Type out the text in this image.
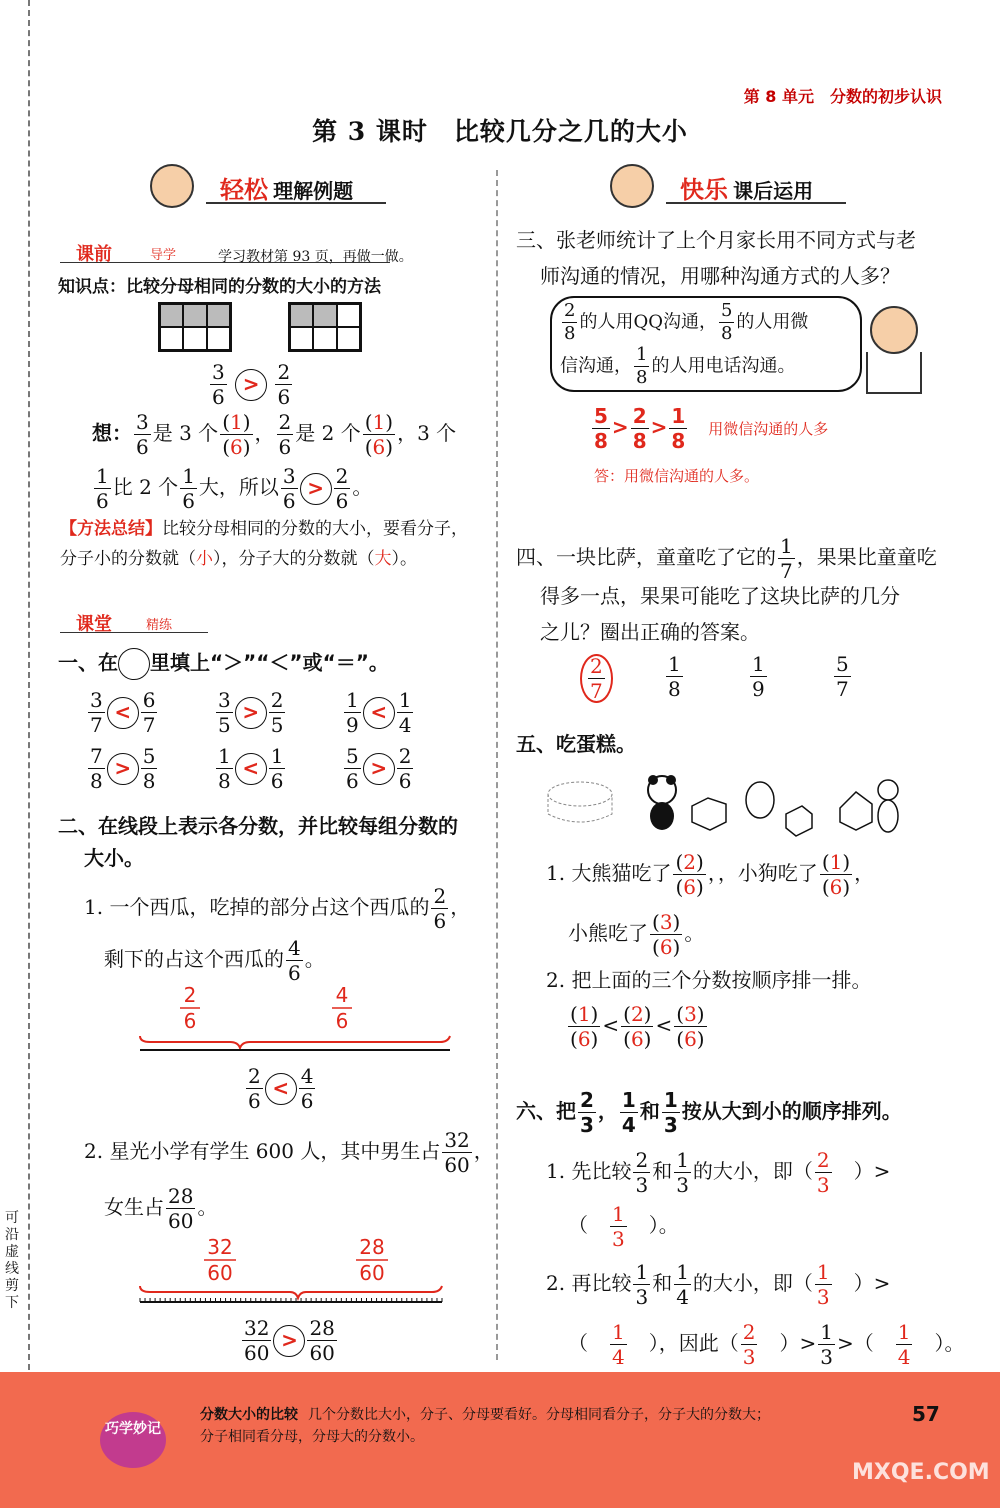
可沿虚线剪下
第 8 单元　分数的初步认识
第 3 课时　比较几分之几的大小
轻松 理解例题	快乐 课后运用
课前	导学	学习教材第 93 页，再做一做。
知识点：比较分母相同的分数的大小的方法
$\frac{3}{6} > \frac{2}{6}$
想： $\frac{3}{6}$ 是 3 个 $\frac{(1)}{(6)}$ ， $\frac{2}{6}$ 是 2 个 $\frac{(1)}{(6)}$ ，3 个
$\frac{1}{6}$ 比 2 个 $\frac{1}{6}$ 大，所以 $\frac{3}{6} > \frac{2}{6}$ 。
【方法总结】比较分母相同的分数的大小，要看分子，分子小的分数就（小），分子大的分数就（大）。
课堂	精练
一、在 里填上“＞”“＜”或“＝”。
$\frac{3}{7} < \frac{6}{7}$	$\frac{3}{5} > \frac{2}{5}$	$\frac{1}{9} < \frac{1}{4}$
$\frac{7}{8} > \frac{5}{8}$	$\frac{1}{8} < \frac{1}{6}$	$\frac{5}{6} > \frac{2}{6}$
二、在线段上表示各分数，并比较每组分数的
大小。
1. 一个西瓜，吃掉的部分占这个西瓜的 $\frac{2}{6}$ ，
剩下的占这个西瓜的 $\frac{4}{6}$ 。
2
6
4
6
$\frac{2}{6} < \frac{4}{6}$
2. 星光小学有学生 600 人，其中男生占 $\frac{32}{60}$ ，
女生占 $\frac{28}{60}$ 。
32
60
28
60
$\frac{32}{60} > \frac{28}{60}$
三、张老师统计了上个月家长用不同方式与老
师沟通的情况，用哪种沟通方式的人多？
$\frac{2}{8}$ 的人用QQ沟通， $\frac{5}{8}$ 的人用微
信沟通， $\frac{1}{8}$ 的人用电话沟通。
$\frac{5}{8} > \frac{2}{8} > \frac{1}{8}$ 用微信沟通的人多
答：用微信沟通的人多。
四、一块比萨，童童吃了它的 $\frac{1}{7}$ ，果果比童童吃
得多一点，果果可能吃了这块比萨的几分
之儿？圈出正确的答案。
$\frac{2}{7}$	$\frac{1}{8}$	$\frac{1}{9}$	$\frac{5}{7}$
五、吃蛋糕。
1. 大熊猫吃了 $\frac{(2)}{(6)}$ ，，小狗吃了 $\frac{(1)}{(6)}$ ，
小熊吃了 $\frac{(3)}{(6)}$ 。
2. 把上面的三个分数按顺序排一排。
$\frac{(1)}{(6)} < \frac{(2)}{(6)} < \frac{(3)}{(6)}$
六、把 $\frac{2}{3}$ ， $\frac{1}{4}$ 和 $\frac{1}{3}$ 按从大到小的顺序排列。
1. 先比较 $\frac{2}{3}$ 和 $\frac{1}{3}$ 的大小，即（ $\frac{2}{3}$ 　）>
（　 $\frac{1}{3}$ 　）。
2. 再比较 $\frac{1}{3}$ 和 $\frac{1}{4}$ 的大小，即（ $\frac{1}{3}$ 　）>
（　 $\frac{1}{4}$
　 ），因此（ $\frac{2}{3}$ 　）> $\frac{1}{3}$ >（　 $\frac{1}{4}$ 　）。
分数大小的比较 几个分数比大小，分子、分母要看好。分母相同看分子，分子大的分数大；
分子相同看分母，分母大的分数小。
巧学妙记
57
MXQE.COM
